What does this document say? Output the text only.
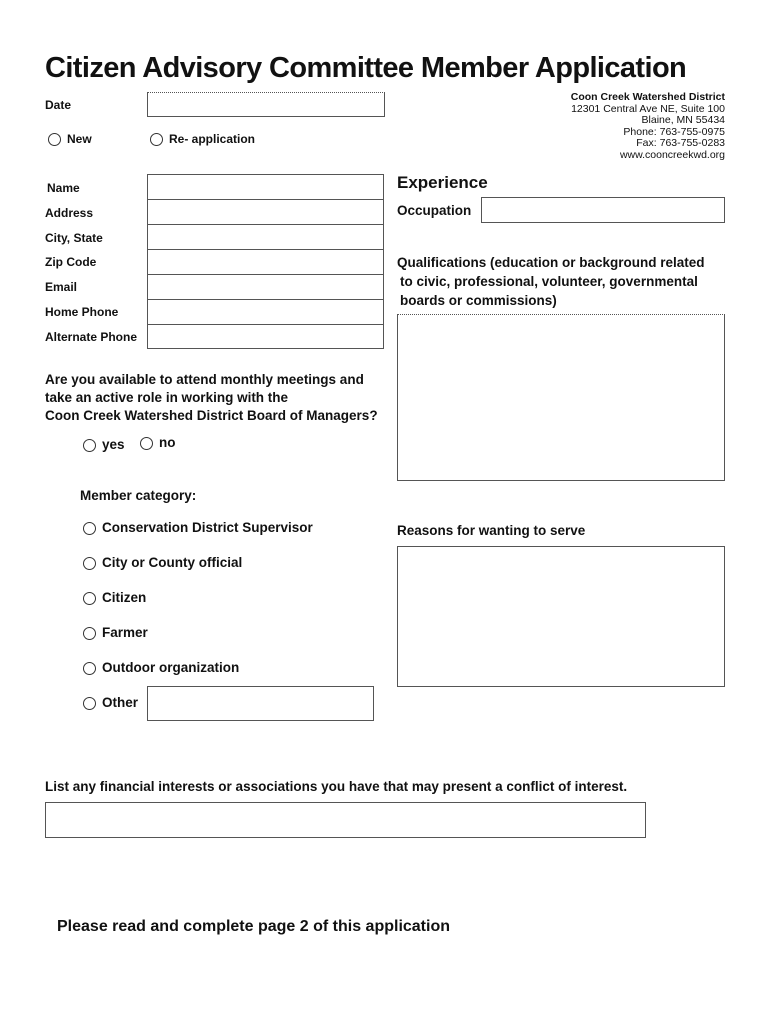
Citizen Advisory Committee Member Application
Date
New	Re- application
Coon Creek Watershed District
12301 Central Ave NE, Suite 100
Blaine, MN 55434
Phone: 763-755-0975
Fax: 763-755-0283
www.cooncreekwd.org
Name
Address
City, State
Zip Code
Email
Home Phone
Alternate Phone
Experience
Occupation
Qualifications (education or background related
to civic, professional, volunteer, governmental
boards or commissions)
Are you available to attend monthly meetings and
take an active role in working with the
Coon Creek Watershed District Board of Managers?
yes	no
Member category:
Conservation District Supervisor
City or County official
Citizen
Farmer
Outdoor organization
Other
Reasons for wanting to serve
List any financial interests or associations you have that may present a conflict of interest.
Please read and complete page 2 of this application
